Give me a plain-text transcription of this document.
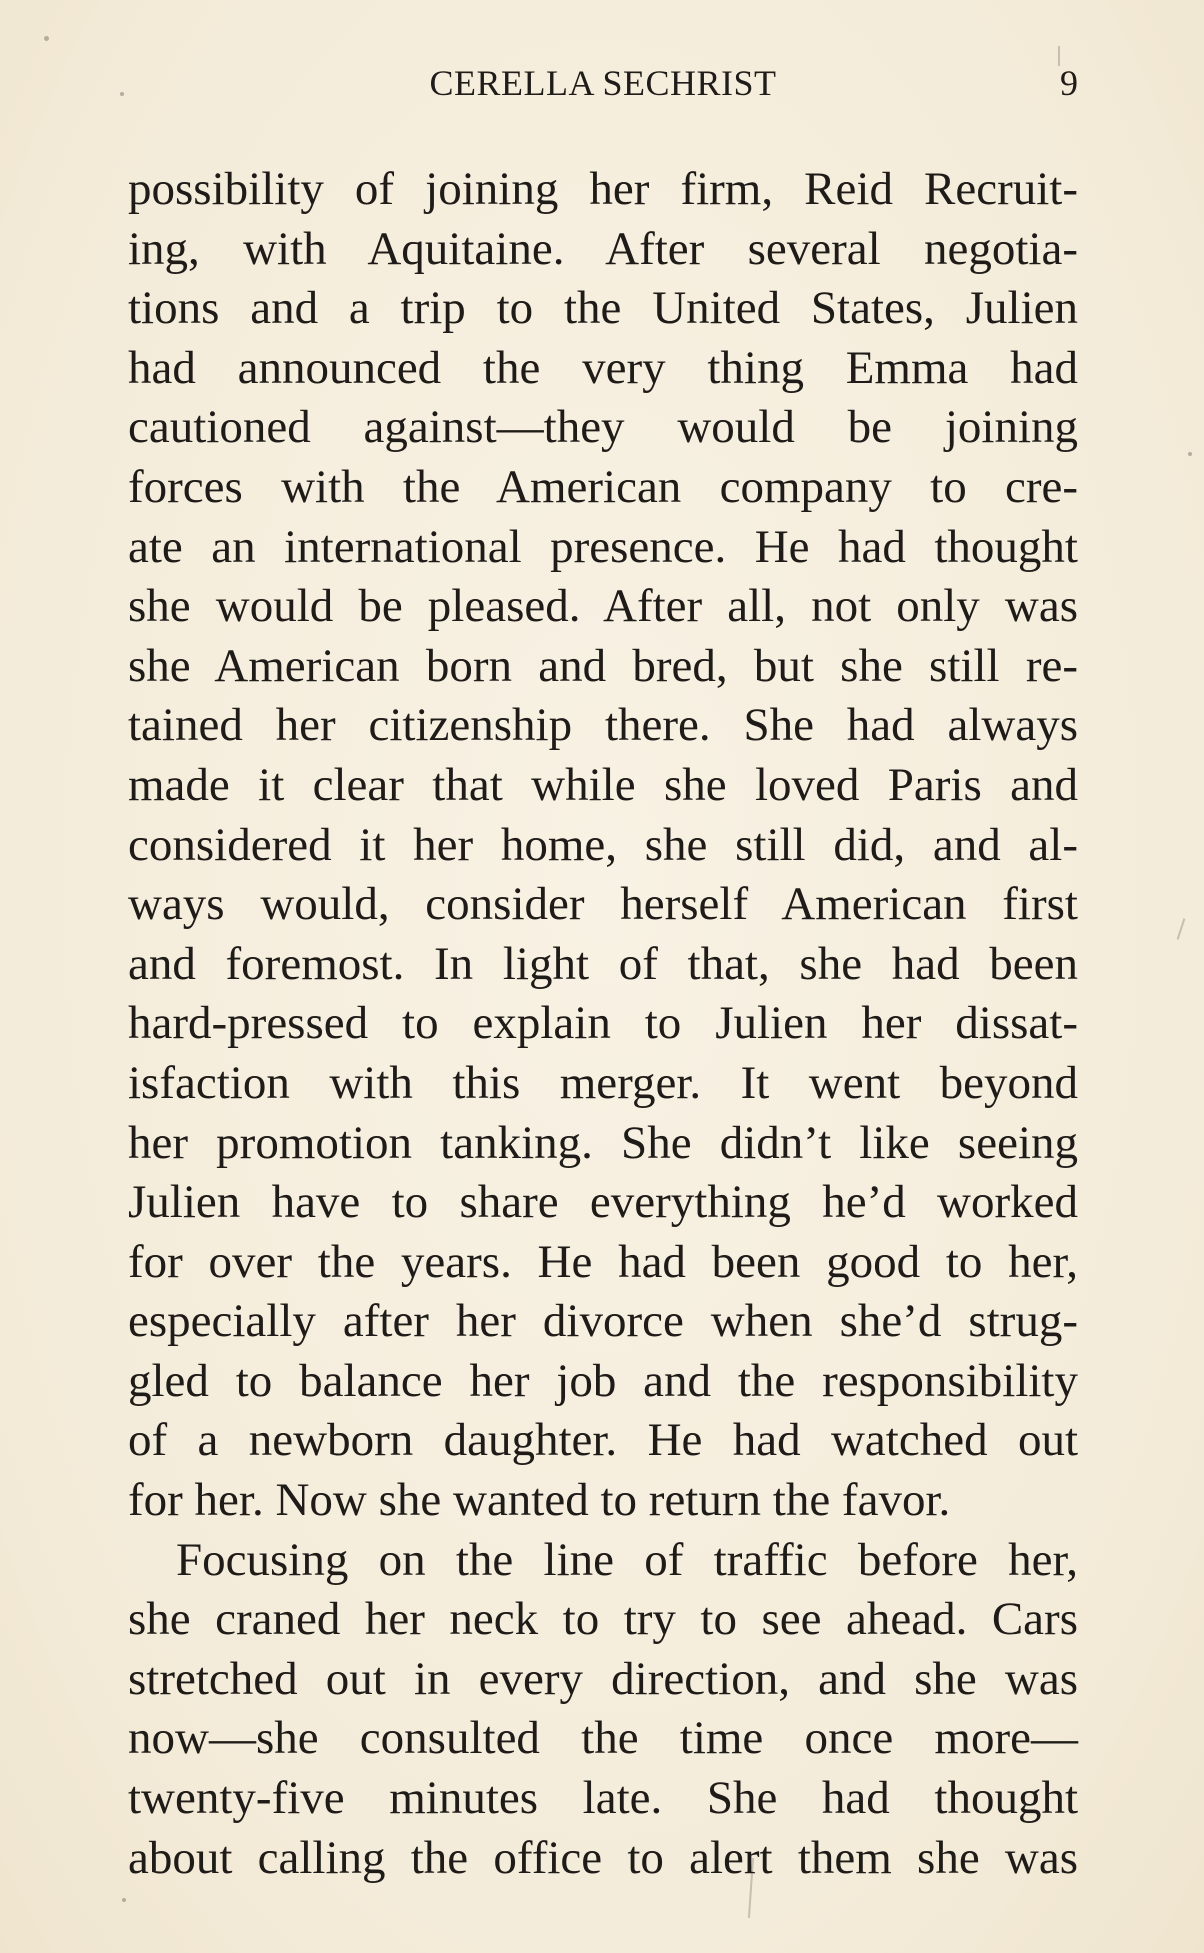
CERELLA SECHRIST	9
possibility of joining her firm, Reid Recruit-
ing, with Aquitaine. After several negotia-
tions and a trip to the United States, Julien
had announced the very thing Emma had
cautioned against—they would be joining
forces with the American company to cre-
ate an international presence. He had thought
she would be pleased. After all, not only was
she American born and bred, but she still re-
tained her citizenship there. She had always
made it clear that while she loved Paris and
considered it her home, she still did, and al-
ways would, consider herself American first
and foremost. In light of that, she had been
hard-pressed to explain to Julien her dissat-
isfaction with this merger. It went beyond
her promotion tanking. She didn’t like seeing
Julien have to share everything he’d worked
for over the years. He had been good to her,
especially after her divorce when she’d strug-
gled to balance her job and the responsibility
of a newborn daughter. He had watched out
for her. Now she wanted to return the favor.
Focusing on the line of traffic before her,
she craned her neck to try to see ahead. Cars
stretched out in every direction, and she was
now—she consulted the time once more—
twenty-five minutes late. She had thought
about calling the office to alert them she was
